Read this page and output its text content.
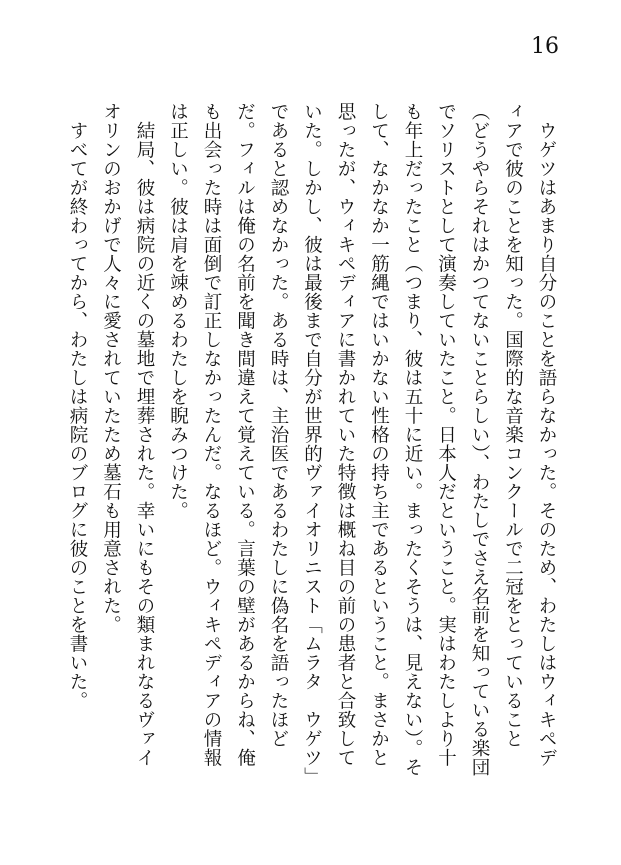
16

ウゲツはあまり自分のことを語らなかった。そのため、わたしはウィキペディアで彼のことを知った。国際的な音楽コンクールで二冠をとっていること（どうやらそれはかつてないことらしい）、わたしでさえ名前を知っている楽団でソリストとして演奏していたこと。日本人だということ。実はわたしより十も年上だったこと（つまり、彼は五十に近い。まったくそうは、見えない）。そして、なかなか一筋縄ではいかない性格の持ち主であるということ。まさかと思ったが、ウィキペディアに書かれていた特徴は概ね目の前の患者と合致していた。しかし、彼は最後まで自分が世界的ヴァイオリニスト「ムラタ　ウゲツ」であると認めなかった。ある時は、主治医であるわたしに偽名を語ったほどだ。フィルは俺の名前を聞き間違えて覚えている。言葉の壁があるからね、俺も出会った時は面倒で訂正しなかったんだ。なるほど。ウィキペディアの情報は正しい。彼は肩を竦めるわたしを睨みつけた。

結局、彼は病院の近くの墓地で埋葬された。幸いにもその類まれなるヴァイオリンのおかげで人々に愛されていたため墓石も用意された。

すべてが終わってから、わたしは病院のブログに彼のことを書いた。
